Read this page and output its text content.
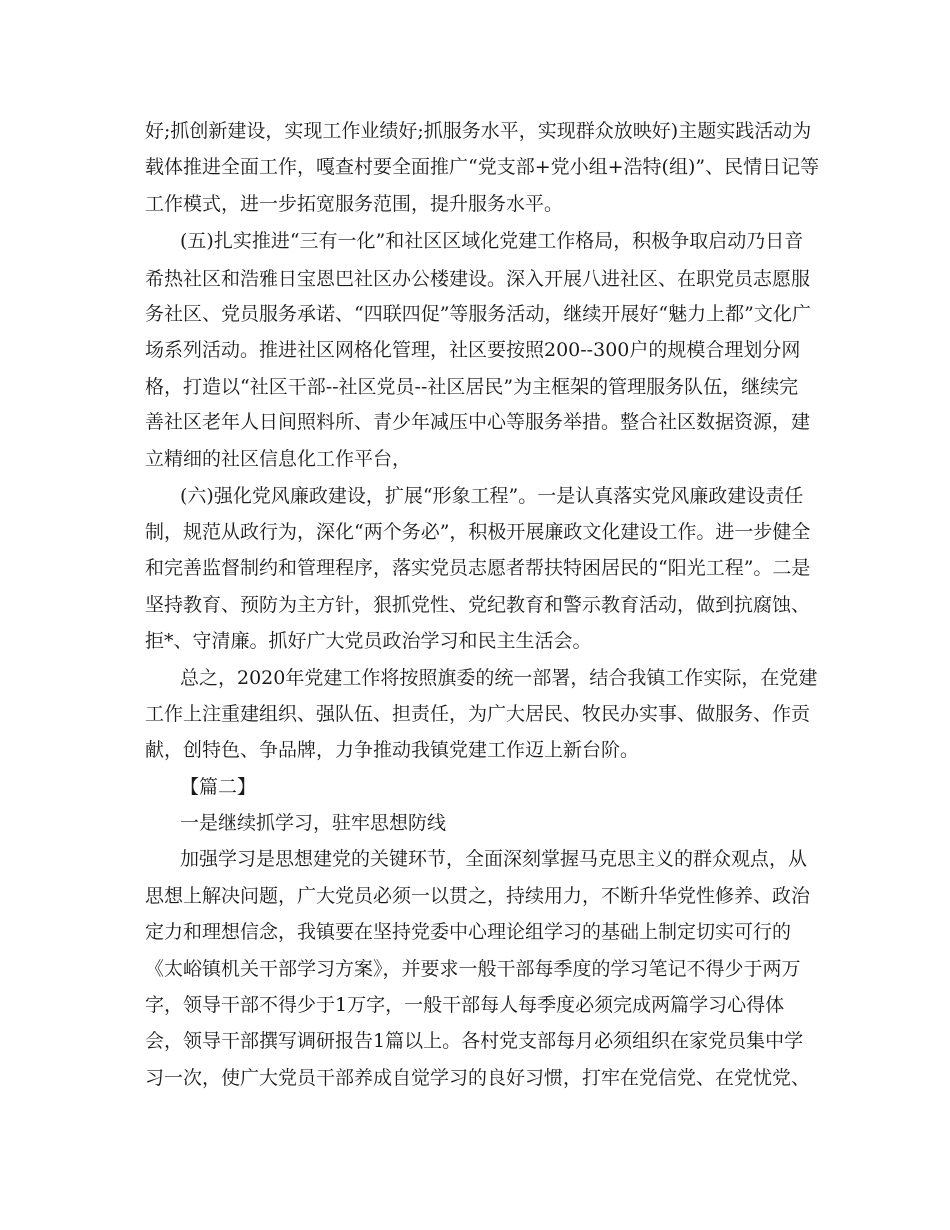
好;抓创新建设，实现工作业绩好;抓服务水平，实现群众放映好)主题实践活动为
载体推进全面工作，嘎查村要全面推广“党支部+党小组+浩特(组)”、民情日记等
工作模式，进一步拓宽服务范围，提升服务水平。
(五)扎实推进“三有一化”和社区区域化党建工作格局，积极争取启动乃日音
希热社区和浩雅日宝恩巴社区办公楼建设。深入开展八进社区、在职党员志愿服
务社区、党员服务承诺、“四联四促”等服务活动，继续开展好“魅力上都”文化广
场系列活动。推进社区网格化管理，社区要按照200--300户的规模合理划分网
格，打造以“社区干部--社区党员--社区居民”为主框架的管理服务队伍，继续完
善社区老年人日间照料所、青少年减压中心等服务举措。整合社区数据资源，建
立精细的社区信息化工作平台，
(六)强化党风廉政建设，扩展“形象工程”。一是认真落实党风廉政建设责任
制，规范从政行为，深化“两个务必”，积极开展廉政文化建设工作。进一步健全
和完善监督制约和管理程序，落实党员志愿者帮扶特困居民的“阳光工程”。二是
坚持教育、预防为主方针，狠抓党性、党纪教育和警示教育活动，做到抗腐蚀、
拒*、守清廉。抓好广大党员政治学习和民主生活会。
总之，2020年党建工作将按照旗委的统一部署，结合我镇工作实际，在党建
工作上注重建组织、强队伍、担责任，为广大居民、牧民办实事、做服务、作贡
献，创特色、争品牌，力争推动我镇党建工作迈上新台阶。
【篇二】
一是继续抓学习，驻牢思想防线
加强学习是思想建党的关键环节，全面深刻掌握马克思主义的群众观点，从
思想上解决问题，广大党员必须一以贯之，持续用力，不断升华党性修养、政治
定力和理想信念，我镇要在坚持党委中心理论组学习的基础上制定切实可行的
《太峪镇机关干部学习方案》，并要求一般干部每季度的学习笔记不得少于两万
字，领导干部不得少于1万字，一般干部每人每季度必须完成两篇学习心得体
会，领导干部撰写调研报告1篇以上。各村党支部每月必须组织在家党员集中学
习一次，使广大党员干部养成自觉学习的良好习惯，打牢在党信党、在党忧党、
